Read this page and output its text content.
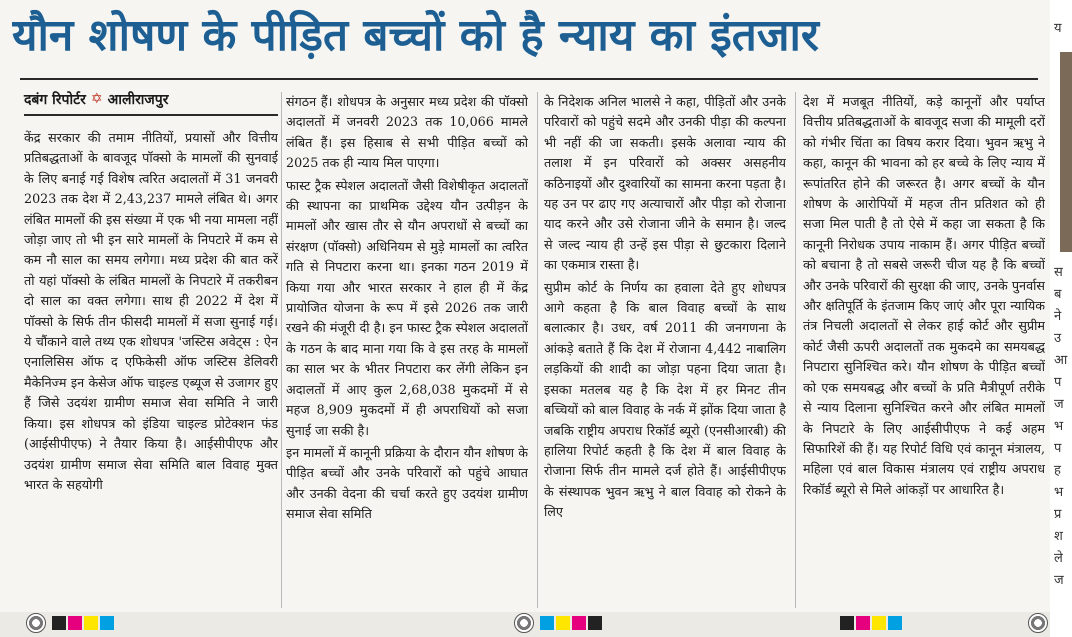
यौन शोषण के पीड़ित बच्चों को है न्याय का इंतजार
दबंग रिपोर्टर ✡ आलीराजपुर

केंद्र सरकार की तमाम नीतियों, प्रयासों और वित्तीय प्रतिबद्धताओं के बावजूद पॉक्सो के मामलों की सुनवाई के लिए बनाई गई विशेष त्वरित अदालतों में 31 जनवरी 2023 तक देश में 2,43,237 मामले लंबित थे। अगर लंबित मामलों की इस संख्या में एक भी नया मामला नहीं जोड़ा जाए तो भी इन सारे मामलों के निपटारे में कम से कम नौ साल का समय लगेगा। मध्य प्रदेश की बात करें तो यहां पॉक्सो के लंबित मामलों के निपटारे में तकरीबन दो साल का वक्त लगेगा। साथ ही 2022 में देश में पॉक्सो के सिर्फ तीन फीसदी मामलों में सजा सुनाई गई। ये चौंकाने वाले तथ्य एक शोधपत्र 'जस्टिस अवेट्स : ऐन एनालिसिस ऑफ द एफिकेसी ऑफ जस्टिस डेलिवरी मैकेनिज्म इन केसेज ऑफ चाइल्ड एब्यूज से उजागर हुए हैं जिसे उदयंश ग्रामीण समाज सेवा समिति ने जारी किया। इस शोधपत्र को इंडिया चाइल्ड प्रोटेक्शन फंड (आईसीपीएफ) ने तैयार किया है। आईसीपीएफ और उदयंश ग्रामीण समाज सेवा समिति बाल विवाह मुक्त भारत के सहयोगी

संगठन हैं। शोधपत्र के अनुसार मध्य प्रदेश की पॉक्सो अदालतों में जनवरी 2023 तक 10,066 मामले लंबित हैं। इस हिसाब से सभी पीड़ित बच्चों को 2025 तक ही न्याय मिल पाएगा।

फास्ट ट्रैक स्पेशल अदालतों जैसी विशेषीकृत अदालतों की स्थापना का प्राथमिक उद्देश्य यौन उत्पीड़न के मामलों और खास तौर से यौन अपराधों से बच्चों का संरक्षण (पॉक्सो) अधिनियम से मुड़े मामलों का त्वरित गति से निपटारा करना था। इनका गठन 2019 में किया गया और भारत सरकार ने हाल ही में केंद्र प्रायोजित योजना के रूप में इसे 2026 तक जारी रखने की मंजूरी दी है। इन फास्ट ट्रैक स्पेशल अदालतों के गठन के बाद माना गया कि वे इस तरह के मामलों का साल भर के भीतर निपटारा कर लेंगी लेकिन इन अदालतों में आए कुल 2,68,038 मुकदमों में से महज 8,909 मुकदमों में ही अपराधियों को सजा सुनाई जा सकी है।

इन मामलों में कानूनी प्रक्रिया के दौरान यौन शोषण के पीड़ित बच्चों और उनके परिवारों को पहुंचे आघात और उनकी वेदना की चर्चा करते हुए उदयंश ग्रामीण समाज सेवा समिति

के निदेशक अनिल भालसे ने कहा, पीड़ितों और उनके परिवारों को पहुंचे सदमे और उनकी पीड़ा की कल्पना भी नहीं की जा सकती। इसके अलावा न्याय की तलाश में इन परिवारों को अक्सर असहनीय कठिनाइयों और दुश्वारियों का सामना करना पड़ता है। यह उन पर ढाए गए अत्याचारों और पीड़ा को रोजाना याद करने और उसे रोजाना जीने के समान है। जल्द से जल्द न्याय ही उन्हें इस पीड़ा से छुटकारा दिलाने का एकमात्र रास्ता है।

सुप्रीम कोर्ट के निर्णय का हवाला देते हुए शोधपत्र आगे कहता है कि बाल विवाह बच्चों के साथ बलात्कार है। उधर, वर्ष 2011 की जनगणना के आंकड़े बताते हैं कि देश में रोजाना 4,442 नाबालिग लड़कियों की शादी का जोड़ा पहना दिया जाता है। इसका मतलब यह है कि देश में हर मिनट तीन बच्चियों को बाल विवाह के नर्क में झोंक दिया जाता है जबकि राष्ट्रीय अपराध रिकॉर्ड ब्यूरो (एनसीआरबी) की हालिया रिपोर्ट कहती है कि देश में बाल विवाह के रोजाना सिर्फ तीन मामले दर्ज होते हैं। आईसीपीएफ के संस्थापक भुवन ऋभु ने बाल विवाह को रोकने के लिए

देश में मजबूत नीतियों, कड़े कानूनों और पर्याप्त वित्तीय प्रतिबद्धताओं के बावजूद सजा की मामूली दरों को गंभीर चिंता का विषय करार दिया। भुवन ऋभु ने कहा, कानून की भावना को हर बच्चे के लिए न्याय में रूपांतरित होने की जरूरत है। अगर बच्चों के यौन शोषण के आरोपियों में महज तीन प्रतिशत को ही सजा मिल पाती है तो ऐसे में कहा जा सकता है कि कानूनी निरोधक उपाय नाकाम हैं। अगर पीड़ित बच्चों को बचाना है तो सबसे जरूरी चीज यह है कि बच्चों और उनके परिवारों की सुरक्षा की जाए, उनके पुनर्वास और क्षतिपूर्ति के इंतजाम किए जाएं और पूरा न्यायिक तंत्र निचली अदालतों से लेकर हाई कोर्ट और सुप्रीम कोर्ट जैसी ऊपरी अदालतों तक मुकदमे का समयबद्ध निपटारा सुनिश्चित करे। यौन शोषण के पीड़ित बच्चों को एक समयबद्ध और बच्चों के प्रति मैत्रीपूर्ण तरीके से न्याय दिलाना सुनिश्चित करने और लंबित मामलों के निपटारे के लिए आईसीपीएफ ने कई अहम सिफारिशें की हैं। यह रिपोर्ट विधि एवं कानून मंत्रालय, महिला एवं बाल विकास मंत्रालय एवं राष्ट्रीय अपराध रिकॉर्ड ब्यूरो से मिले आंकड़ों पर आधारित है।

य
स
ब
ने
उ
आ
प
ज
भ
प
ह
भ
प्र
श
ले
ज
